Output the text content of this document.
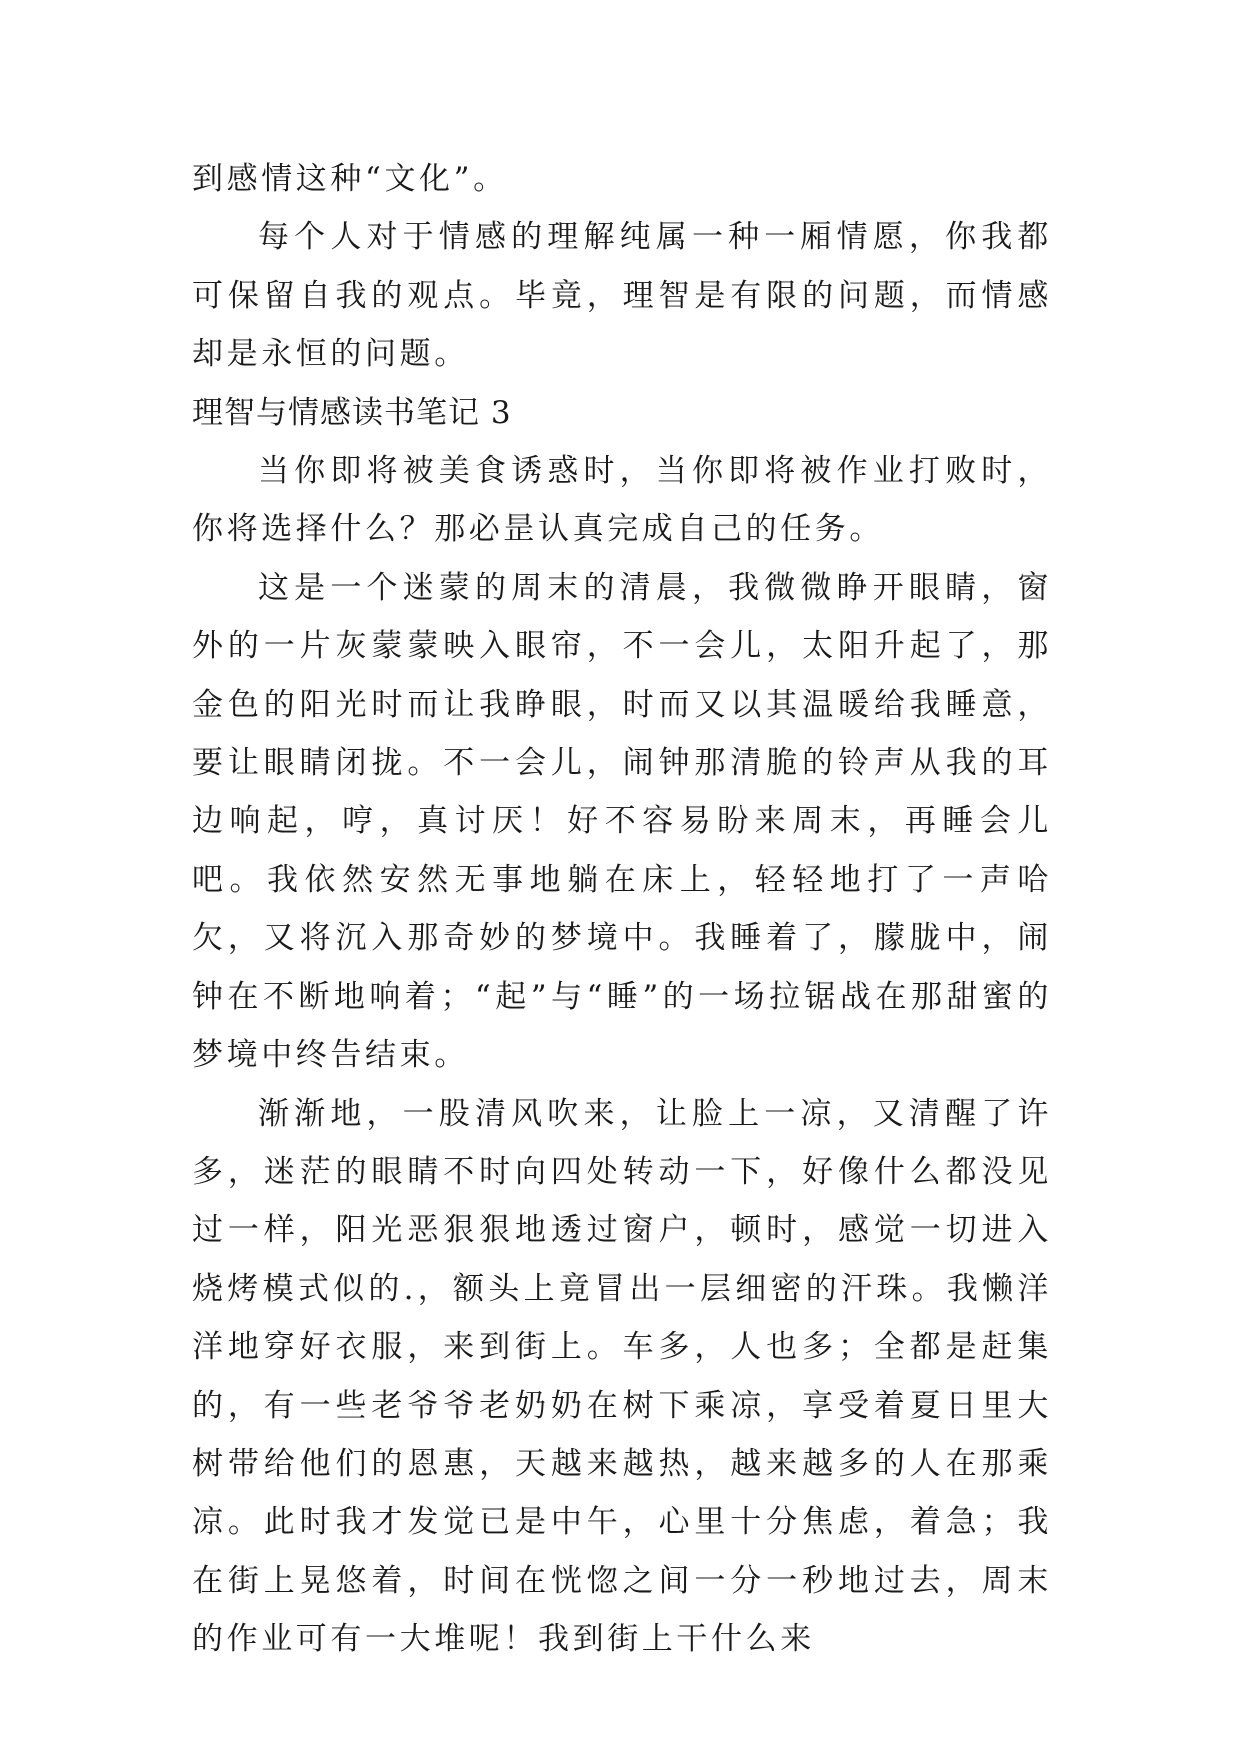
到感情这种“文化”。

每个人对于情感的理解纯属一种一厢情愿，你我都可保留自我的观点。毕竟，理智是有限的问题，而情感却是永恒的问题。

理智与情感读书笔记 3

当你即将被美食诱惑时，当你即将被作业打败时，你将选择什么？那必昰认真完成自己的任务。

这是一个迷蒙的周末的清晨，我微微睁开眼睛，窗外的一片灰蒙蒙映入眼帘，不一会儿，太阳升起了，那金色的阳光时而让我睁眼，时而又以其温暖给我睡意，要让眼睛闭拢。不一会儿，闹钟那清脆的铃声从我的耳边响起，哼，真讨厌！好不容易盼来周末，再睡会儿吧。我依然安然无事地躺在床上，轻轻地打了一声哈欠，又将沉入那奇妙的梦境中。我睡着了，朦胧中，闹钟在不断地响着；“起”与“睡”的一场拉锯战在那甜蜜的梦境中终告结束。

渐渐地，一股清风吹来，让脸上一凉，又清醒了许多，迷茫的眼睛不时向四处转动一下，好像什么都没见过一样，阳光恶狠狠地透过窗户，顿时，感觉一切进入烧烤模式似的.，额头上竟冒出一层细密的汗珠。我懒洋洋地穿好衣服，来到街上。车多，人也多；全都是赶集的，有一些老爷爷老奶奶在树下乘凉，享受着夏日里大树带给他们的恩惠，天越来越热，越来越多的人在那乘凉。此时我才发觉已是中午，心里十分焦虑，着急；我在街上晃悠着，时间在恍惚之间一分一秒地过去，周末的作业可有一大堆呢！我到街上干什么来
